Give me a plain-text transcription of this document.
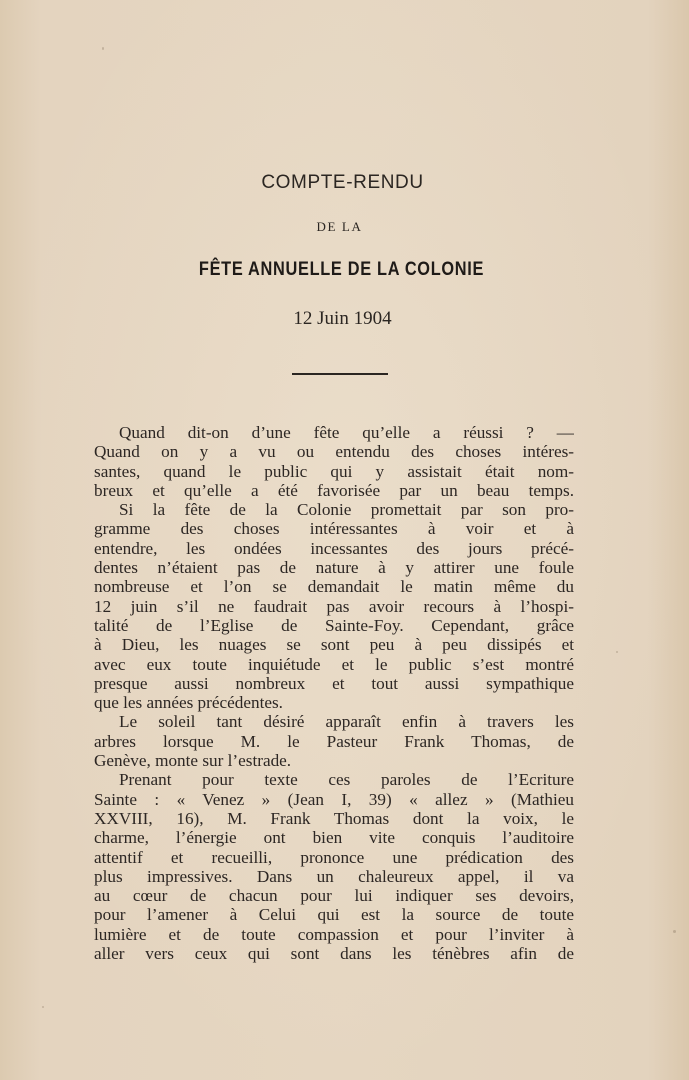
COMPTE-RENDU
DE LA
FÊTE ANNUELLE DE LA COLONIE
12 Juin 1904
Quand dit-on d’une fête qu’elle a réussi ? —
Quand on y a vu ou entendu des choses intéres-
santes, quand le public qui y assistait était nom-
breux et qu’elle a été favorisée par un beau temps.
Si la fête de la Colonie promettait par son pro-
gramme des choses intéressantes à voir et à
entendre, les ondées incessantes des jours précé-
dentes n’étaient pas de nature à y attirer une foule
nombreuse et l’on se demandait le matin même du
12 juin s’il ne faudrait pas avoir recours à l’hospi-
talité de l’Eglise de Sainte-Foy. Cependant, grâce
à Dieu, les nuages se sont peu à peu dissipés et
avec eux toute inquiétude et le public s’est montré
presque aussi nombreux et tout aussi sympathique
que les années précédentes.
Le soleil tant désiré apparaît enfin à travers les
arbres lorsque M. le Pasteur Frank Thomas, de
Genève, monte sur l’estrade.
Prenant pour texte ces paroles de l’Ecriture
Sainte : « Venez » (Jean I, 39) « allez » (Mathieu
XXVIII, 16), M. Frank Thomas dont la voix, le
charme, l’énergie ont bien vite conquis l’auditoire
attentif et recueilli, prononce une prédication des
plus impressives. Dans un chaleureux appel, il va
au cœur de chacun pour lui indiquer ses devoirs,
pour l’amener à Celui qui est la source de toute
lumière et de toute compassion et pour l’inviter à
aller vers ceux qui sont dans les ténèbres afin de
